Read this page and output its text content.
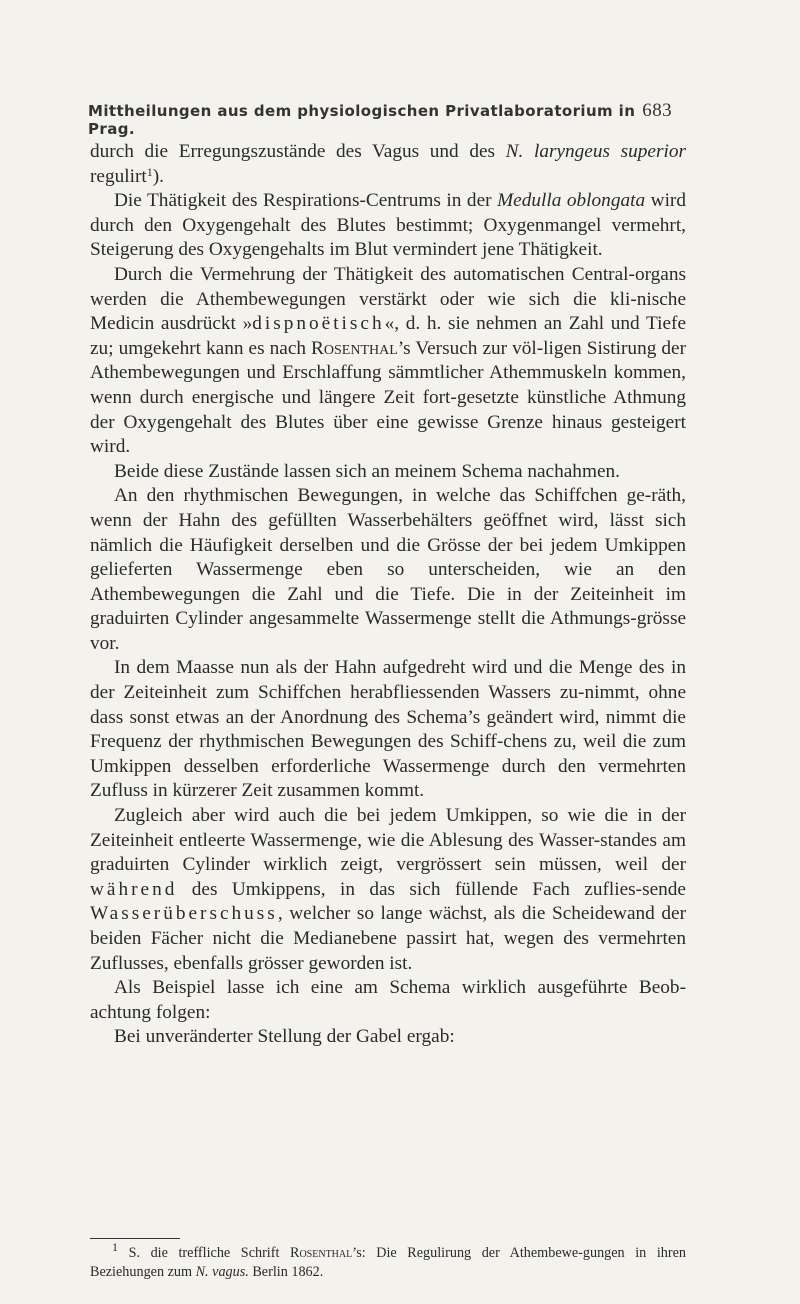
Mittheilungen aus dem physiologischen Privatlaboratorium in Prag.
683

durch die Erregungszustände des Vagus und des N. laryngeus superior regulirt$^1$).

Die Thätigkeit des Respirations-Centrums in der Medulla oblongata wird durch den Oxygengehalt des Blutes bestimmt; Oxygenmangel vermehrt, Steigerung des Oxygengehalts im Blut vermindert jene Thätigkeit.

Durch die Vermehrung der Thätigkeit des automatischen Central-organs werden die Athembewegungen verstärkt oder wie sich die kli-nische Medicin ausdrückt »dispnoëtisch«, d. h. sie nehmen an Zahl und Tiefe zu; umgekehrt kann es nach Rosenthal’s Versuch zur völ-ligen Sistirung der Athembewegungen und Erschlaffung sämmtlicher Athemmuskeln kommen, wenn durch energische und längere Zeit fort-gesetzte künstliche Athmung der Oxygengehalt des Blutes über eine gewisse Grenze hinaus gesteigert wird.

Beide diese Zustände lassen sich an meinem Schema nachahmen.

An den rhythmischen Bewegungen, in welche das Schiffchen ge-räth, wenn der Hahn des gefüllten Wasserbehälters geöffnet wird, lässt sich nämlich die Häufigkeit derselben und die Grösse der bei jedem Umkippen gelieferten Wassermenge eben so unterscheiden, wie an den Athembewegungen die Zahl und die Tiefe. Die in der Zeiteinheit im graduirten Cylinder angesammelte Wassermenge stellt die Athmungs-grösse vor.

In dem Maasse nun als der Hahn aufgedreht wird und die Menge des in der Zeiteinheit zum Schiffchen herabfliessenden Wassers zu-nimmt, ohne dass sonst etwas an der Anordnung des Schema’s geändert wird, nimmt die Frequenz der rhythmischen Bewegungen des Schiff-chens zu, weil die zum Umkippen desselben erforderliche Wassermenge durch den vermehrten Zufluss in kürzerer Zeit zusammen kommt.

Zugleich aber wird auch die bei jedem Umkippen, so wie die in der Zeiteinheit entleerte Wassermenge, wie die Ablesung des Wasser-standes am graduirten Cylinder wirklich zeigt, vergrössert sein müssen, weil der während des Umkippens, in das sich füllende Fach zuflies-sende Wasserüberschuss, welcher so lange wächst, als die Scheidewand der beiden Fächer nicht die Medianebene passirt hat, wegen des vermehrten Zuflusses, ebenfalls grösser geworden ist.

Als Beispiel lasse ich eine am Schema wirklich ausgeführte Beob-achtung folgen:

Bei unveränderter Stellung der Gabel ergab:

$^1$ S. die treffliche Schrift Rosenthal’s: Die Regulirung der Athembewe-gungen in ihren Beziehungen zum N. vagus. Berlin 1862.
